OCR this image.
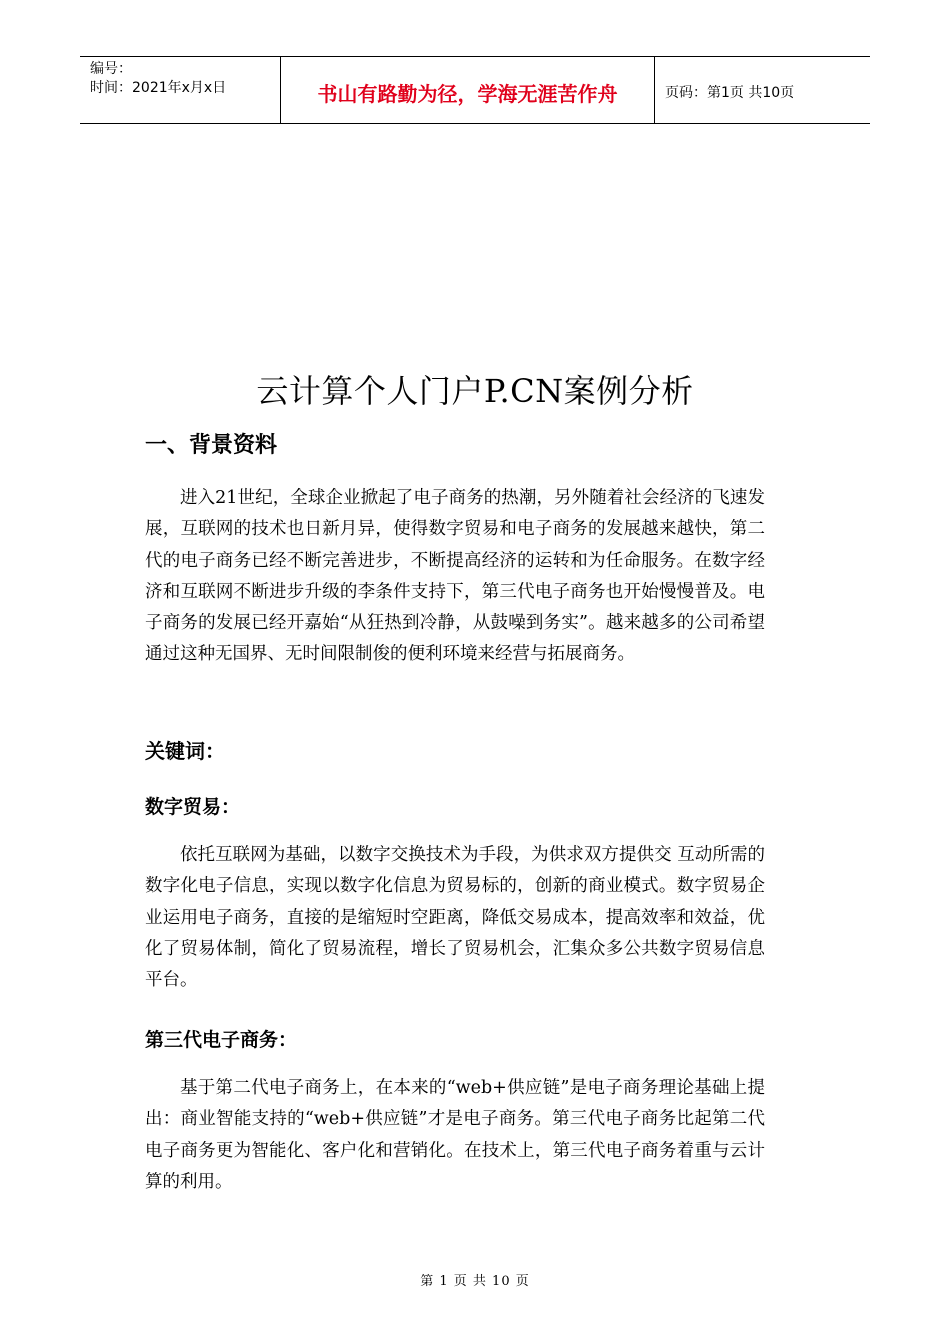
编号：
时间：2021年x月x日	书山有路勤为径，学海无涯苦作舟	页码：第1页 共10页
云计算个人门户P.CN案例分析
一、背景资料
进入21世纪，全球企业掀起了电子商务的热潮，另外随着社会经济的飞速发展，互联网的技术也日新月异，使得数字贸易和电子商务的发展越来越快，第二代的电子商务已经不断完善进步，不断提高经济的运转和为任命服务。在数字经济和互联网不断进步升级的李条件支持下，第三代电子商务也开始慢慢普及。电子商务的发展已经开嘉始“从狂热到冷静，从鼓噪到务实”。越来越多的公司希望通过这种无国界、无时间限制俊的便利环境来经营与拓展商务。
关键词：
数字贸易：
依托互联网为基础，以数字交换技术为手段，为供求双方提供交 互动所需的数字化电子信息，实现以数字化信息为贸易标的，创新的商业模式。数字贸易企业运用电子商务，直接的是缩短时空距离，降低交易成本，提高效率和效益，优化了贸易体制，简化了贸易流程，增长了贸易机会，汇集众多公共数字贸易信息平台。
第三代电子商务：
基于第二代电子商务上，在本来的“web+供应链”是电子商务理论基础上提出：商业智能支持的“web+供应链”才是电子商务。第三代电子商务比起第二代电子商务更为智能化、客户化和营销化。在技术上，第三代电子商务着重与云计算的利用。
第 1 页 共 10 页
